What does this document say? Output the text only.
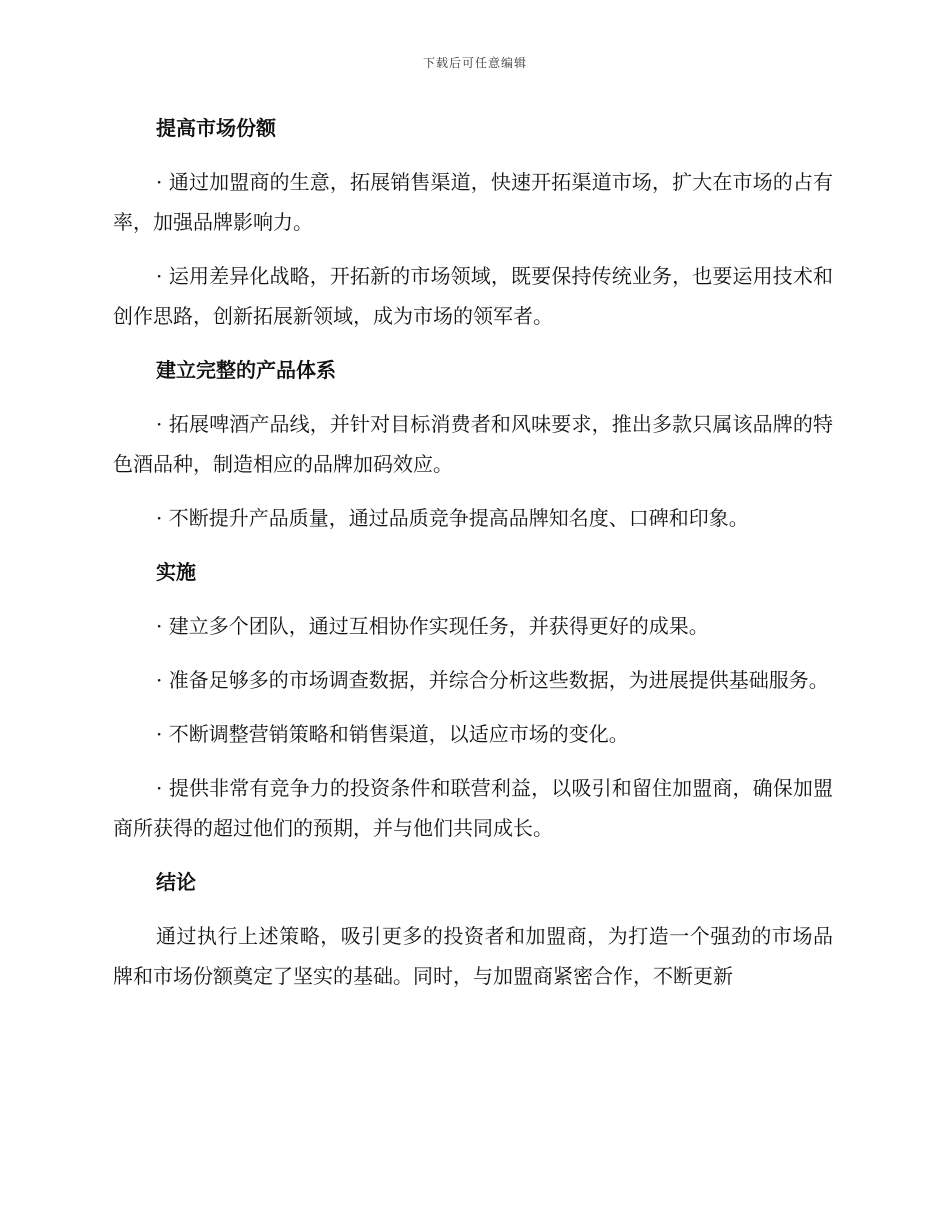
下载后可任意编辑
提高市场份额

· 通过加盟商的生意，拓展销售渠道，快速开拓渠道市场，扩大在市场的占有率，加强品牌影响力。

· 运用差异化战略，开拓新的市场领域，既要保持传统业务，也要运用技术和创作思路，创新拓展新领域，成为市场的领军者。

建立完整的产品体系

· 拓展啤酒产品线，并针对目标消费者和风味要求，推出多款只属该品牌的特色酒品种，制造相应的品牌加码效应。

· 不断提升产品质量，通过品质竞争提高品牌知名度、口碑和印象。

实施

· 建立多个团队，通过互相协作实现任务，并获得更好的成果。

· 准备足够多的市场调查数据，并综合分析这些数据，为进展提供基础服务。

· 不断调整营销策略和销售渠道，以适应市场的变化。

· 提供非常有竞争力的投资条件和联营利益，以吸引和留住加盟商，确保加盟商所获得的超过他们的预期，并与他们共同成长。

结论

通过执行上述策略，吸引更多的投资者和加盟商，为打造一个强劲的市场品牌和市场份额奠定了坚实的基础。同时，与加盟商紧密合作，不断更新
